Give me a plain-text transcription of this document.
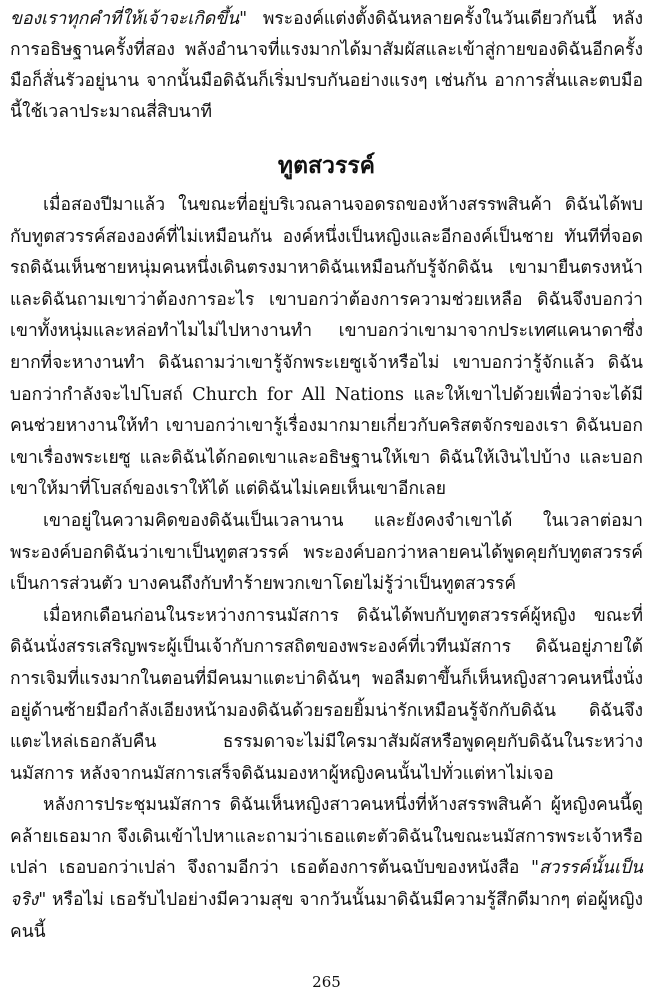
ของเราทุกคำที่ให้เจ้าจะเกิดขึ้น" พระองค์แต่งตั้งดิฉันหลายครั้งในวันเดียวกันนี้ หลังการอธิษฐานครั้งที่สอง พลังอำนาจที่แรงมากได้มาสัมผัสและเข้าสู่กายของดิฉันอีกครั้ง มือก็สั่นรัวอยู่นาน จากนั้นมือดิฉันก็เริ่มปรบกันอย่างแรงๆ เช่นกัน อาการสั่นและตบมือนี้ใช้เวลาประมาณสี่สิบนาที

ทูตสวรรค์

เมื่อสองปีมาแล้ว ในขณะที่อยู่บริเวณลานจอดรถของห้างสรรพสินค้า ดิฉันได้พบกับทูตสวรรค์สององค์ที่ไม่เหมือนกัน องค์หนึ่งเป็นหญิงและอีกองค์เป็นชาย ทันทีที่จอดรถดิฉันเห็นชายหนุ่มคนหนึ่งเดินตรงมาหาดิฉันเหมือนกับรู้จักดิฉัน เขามายืนตรงหน้าและดิฉันถามเขาว่าต้องการอะไร เขาบอกว่าต้องการความช่วยเหลือ ดิฉันจึงบอกว่าเขาทั้งหนุ่มและหล่อทำไมไม่ไปหางานทำ เขาบอกว่าเขามาจากประเทศแคนาดาซึ่งยากที่จะหางานทำ ดิฉันถามว่าเขารู้จักพระเยซูเจ้าหรือไม่ เขาบอกว่ารู้จักแล้ว ดิฉันบอกว่ากำลังจะไปโบสถ์ Church for All Nations และให้เขาไปด้วยเพื่อว่าจะได้มีคนช่วยหางานให้ทำ เขาบอกว่าเขารู้เรื่องมากมายเกี่ยวกับคริสตจักรของเรา ดิฉันบอกเขาเรื่องพระเยซู และดิฉันได้กอดเขาและอธิษฐานให้เขา ดิฉันให้เงินไปบ้าง และบอกเขาให้มาที่โบสถ์ของเราให้ได้ แต่ดิฉันไม่เคยเห็นเขาอีกเลย

เขาอยู่ในความคิดของดิฉันเป็นเวลานาน และยังคงจำเขาได้ ในเวลาต่อมาพระองค์บอกดิฉันว่าเขาเป็นทูตสวรรค์ พระองค์บอกว่าหลายคนได้พูดคุยกับทูตสวรรค์เป็นการส่วนตัว บางคนถึงกับทำร้ายพวกเขาโดยไม่รู้ว่าเป็นทูตสวรรค์

เมื่อหกเดือนก่อนในระหว่างการนมัสการ ดิฉันได้พบกับทูตสวรรค์ผู้หญิง ขณะที่ดิฉันนั่งสรรเสริญพระผู้เป็นเจ้ากับการสถิตของพระองค์ที่เวทีนมัสการ ดิฉันอยู่ภายใต้การเจิมที่แรงมากในตอนที่มีคนมาแตะบ่าดิฉันๆ พอลืมตาขึ้นก็เห็นหญิงสาวคนหนึ่งนั่งอยู่ด้านซ้ายมือกำลังเอียงหน้ามองดิฉันด้วยรอยยิ้มน่ารักเหมือนรู้จักกับดิฉัน ดิฉันจึงแตะไหล่เธอกลับคืน ธรรมดาจะไม่มีใครมาสัมผัสหรือพูดคุยกับดิฉันในระหว่างนมัสการ หลังจากนมัสการเสร็จดิฉันมองหาผู้หญิงคนนั้นไปทั่วแต่หาไม่เจอ

หลังการประชุมนมัสการ ดิฉันเห็นหญิงสาวคนหนึ่งที่ห้างสรรพสินค้า ผู้หญิงคนนี้ดูคล้ายเธอมาก จึงเดินเข้าไปหาและถามว่าเธอแตะตัวดิฉันในขณะนมัสการพระเจ้าหรือเปล่า เธอบอกว่าเปล่า จึงถามอีกว่า เธอต้องการต้นฉบับของหนังสือ "สวรรค์นั้นเป็นจริง" หรือไม่ เธอรับไปอย่างมีความสุข จากวันนั้นมาดิฉันมีความรู้สึกดีมากๆ ต่อผู้หญิงคนนี้

265
